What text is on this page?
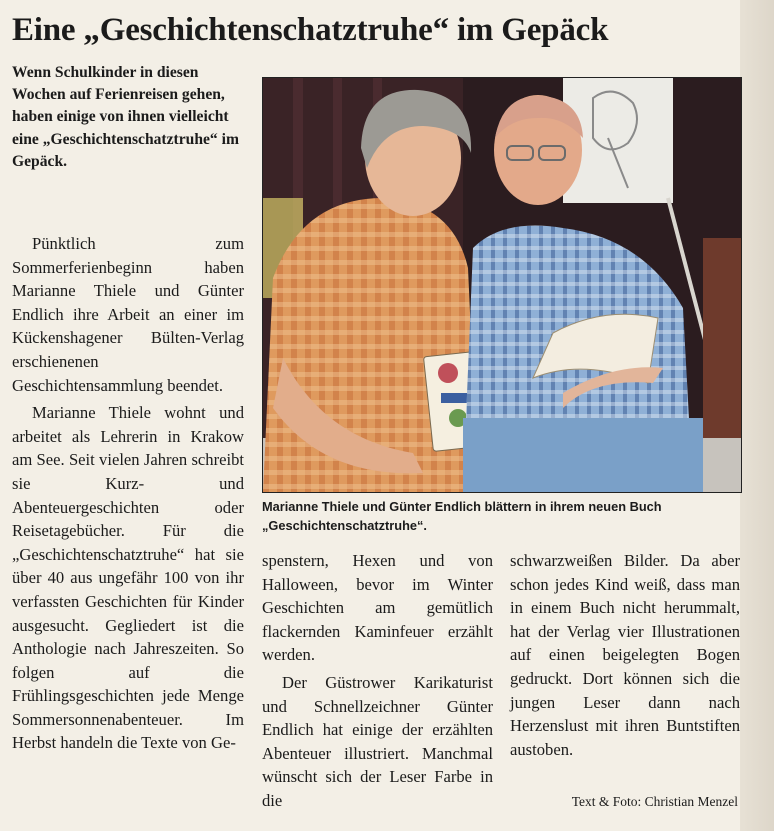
Eine „Geschichtenschatztruhe“ im Gepäck
Wenn Schulkinder in diesen Wochen auf Ferienreisen gehen, haben einige von ihnen vielleicht eine „Geschichtenschatztruhe“ im Gepäck.
Marianne Thiele und Günter Endlich blättern in ihrem neuen Buch „Geschichtenschatztruhe“.

Pünktlich zum Sommerferienbeginn haben Marianne Thiele und Günter Endlich ihre Arbeit an einer im Kückenshagener Bülten-Verlag erschienenen Geschichtensammlung beendet.

Marianne Thiele wohnt und arbeitet als Lehrerin in Krakow am See. Seit vielen Jahren schreibt sie Kurz- und Abenteuergeschichten oder Reisetagebücher. Für die „Geschichtenschatztruhe“ hat sie über 40 aus ungefähr 100 von ihr verfassten Geschichten für Kinder ausgesucht. Gegliedert ist die Anthologie nach Jahreszeiten. So folgen auf die Frühlingsgeschichten jede Menge Sommersonnenabenteuer. Im Herbst handeln die Texte von Ge-

spenstern, Hexen und von Halloween, bevor im Winter Geschichten am gemütlich flackernden Kaminfeuer erzählt werden.

Der Güstrower Karikaturist und Schnellzeichner Günter Endlich hat einige der erzählten Abenteuer illustriert. Manchmal wünscht sich der Leser Farbe in die

schwarzweißen Bilder. Da aber schon jedes Kind weiß, dass man in einem Buch nicht herummalt, hat der Verlag vier Illustrationen auf einen beigelegten Bogen gedruckt. Dort können sich die jungen Leser dann nach Herzenslust mit ihren Buntstiften austoben.

Text & Foto: Christian Menzel
